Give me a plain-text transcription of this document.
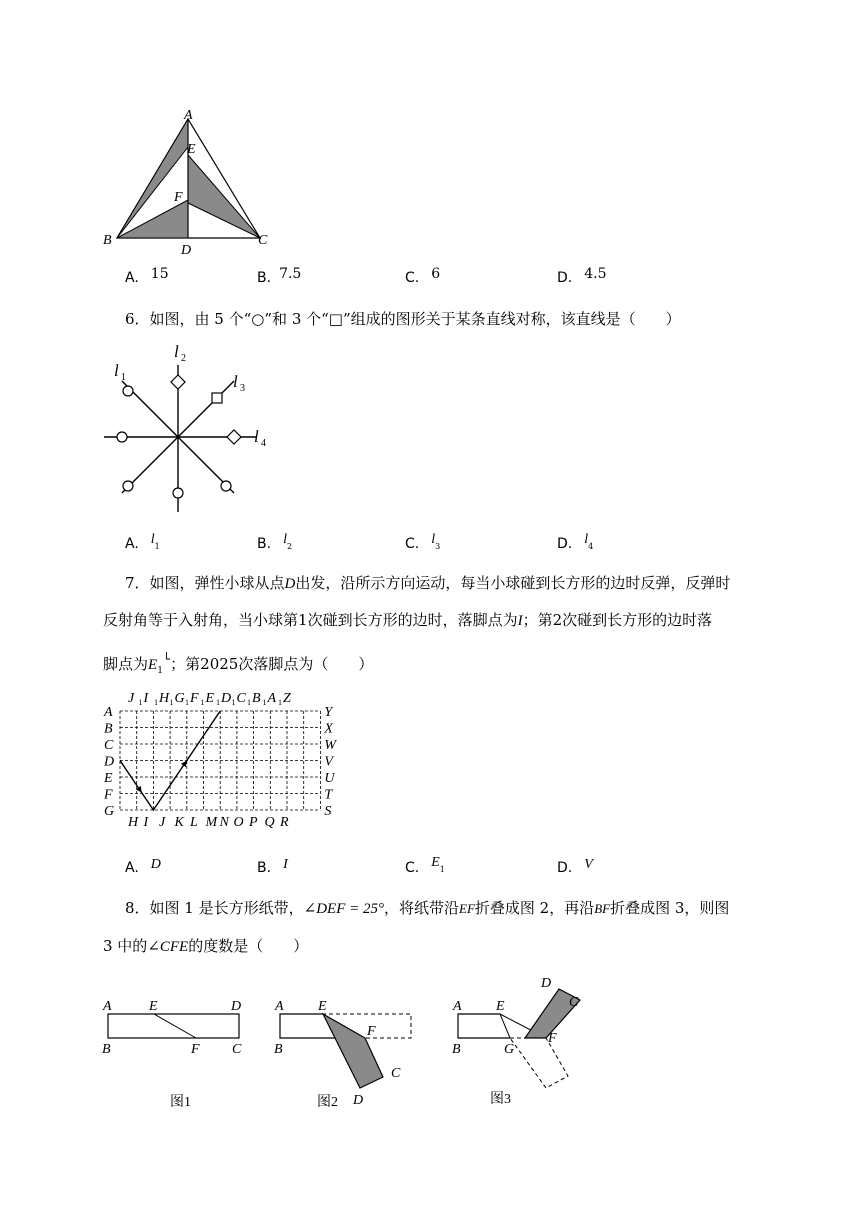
A
E
F
B
D
C
A. 15	B. 7.5	C. 6	D. 4.5
6．如图，由 5 个“○”和 3 个“□”组成的图形关于某条直线对称，该直线是（　　）
l 1
l 2
l 3
l 4
A. $l_1$	B. $l_2$	C. $l_3$	D. $l_4$
7．如图，弹性小球从点D出发，沿所示方向运动，每当小球碰到长方形的边时反弹，反弹时
反射角等于入射角，当小球第1次碰到长方形的边时，落脚点为I；第2次碰到长方形的边时落
脚点为$E_1^└$；第2025次落脚点为（　　）
A
B
C
D
E
F
G
Y
X
W
V
U
T
S
J 1 I 1 H 1 G 1 F 1 E 1 D 1 C 1 B 1 A 1 Z
H I J K L M N O P Q R
A. D	B. I	C. $E_1$	D. V
8．如图 1 是长方形纸带，∠DEF = 25°，将纸带沿EF折叠成图 2，再沿BF折叠成图 3，则图
3 中的∠CFE的度数是（　　）
A	E	D
B	F C
图1
A E
F
B
D
C
图2
A E
D
C
B	G
F
图3
